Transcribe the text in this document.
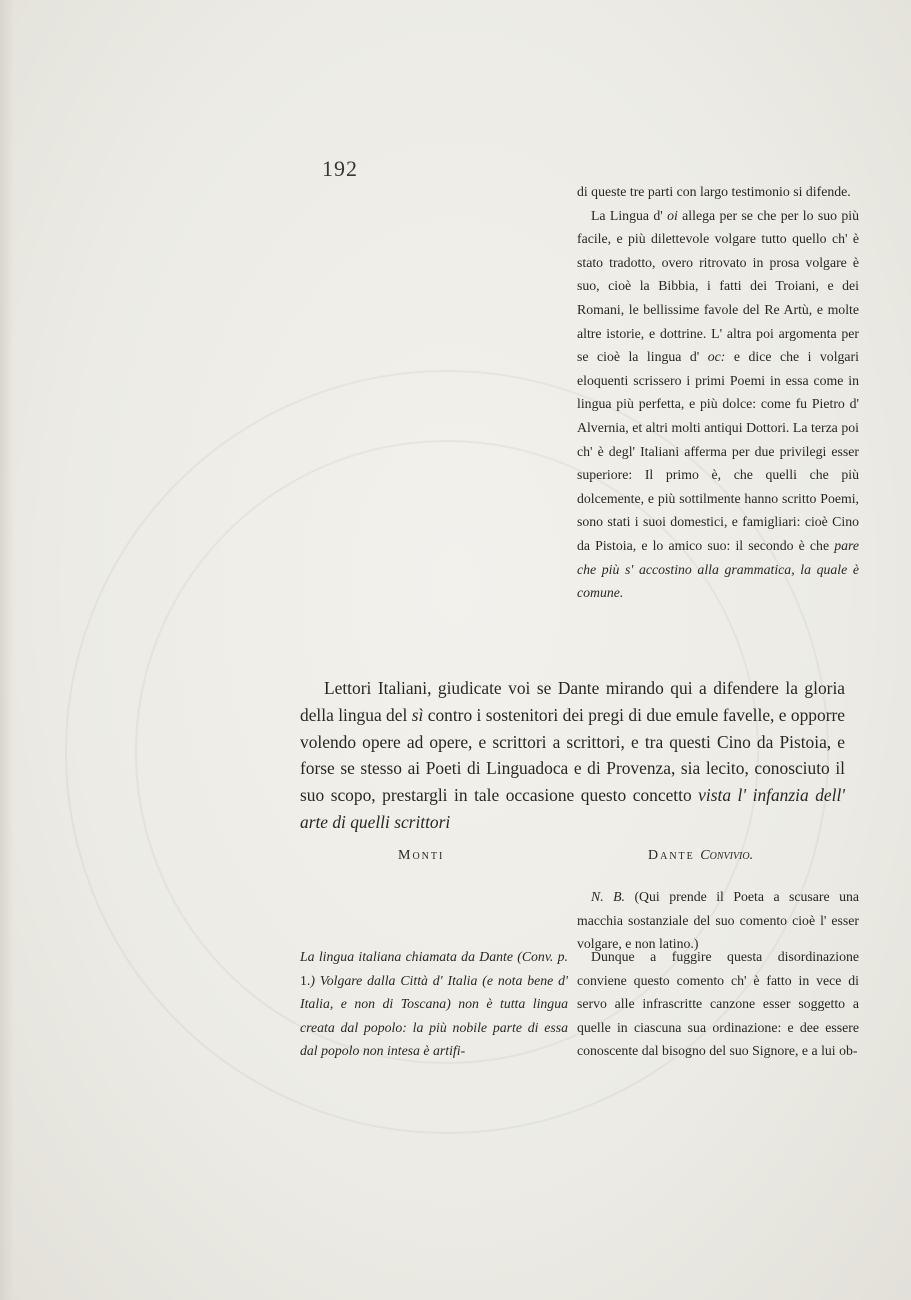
192

di queste tre parti con largo testimonio si difende.

La Lingua d' oi allega per se che per lo suo più facile, e più dilettevole volgare tutto quello ch' è stato tradotto, overo ritrovato in prosa volgare è suo, cioè la Bibbia, i fatti dei Troiani, e dei Romani, le bellissime favole del Re Artù, e molte altre istorie, e dottrine. L' altra poi argomenta per se cioè la lingua d' oc: e dice che i volgari eloquenti scrissero i primi Poemi in essa come in lingua più perfetta, e più dolce: come fu Pietro d' Alvernia, et altri molti antiqui Dottori. La terza poi ch' è degl' Italiani afferma per due privilegi esser superiore: Il primo è, che quelli che più dolcemente, e più sottilmente hanno scritto Poemi, sono stati i suoi domestici, e famigliari: cioè Cino da Pistoia, e lo amico suo: il secondo è che pare che più s' accostino alla grammatica, la quale è comune.

Lettori Italiani, giudicate voi se Dante mirando qui a difendere la gloria della lingua del sì contro i sostenitori dei pregi di due emule favelle, e opporre volendo opere ad opere, e scrittori a scrittori, e tra questi Cino da Pistoia, e forse se stesso ai Poeti di Linguadoca e di Provenza, sia lecito, conosciuto il suo scopo, prestargli in tale occasione questo concetto vista l' infanzia dell' arte di quelli scrittori

Monti	Dante Convivio.

N. B. (Qui prende il Poeta a scusare una macchia sostanziale del suo comento cioè l' esser volgare, e non latino.)

La lingua italiana chiamata da Dante (Conv. p. 1.) Volgare dalla Città d' Italia (e nota bene d' Italia, e non di Toscana) non è tutta lingua creata dal popolo: la più nobile parte di essa dal popolo non intesa è artifi-

Dunque a fuggire questa disordinazione conviene questo comento ch' è fatto in vece di servo alle infrascritte canzone esser soggetto a quelle in ciascuna sua ordinazione: e dee essere conoscente dal bisogno del suo Signore, e a lui ob-
